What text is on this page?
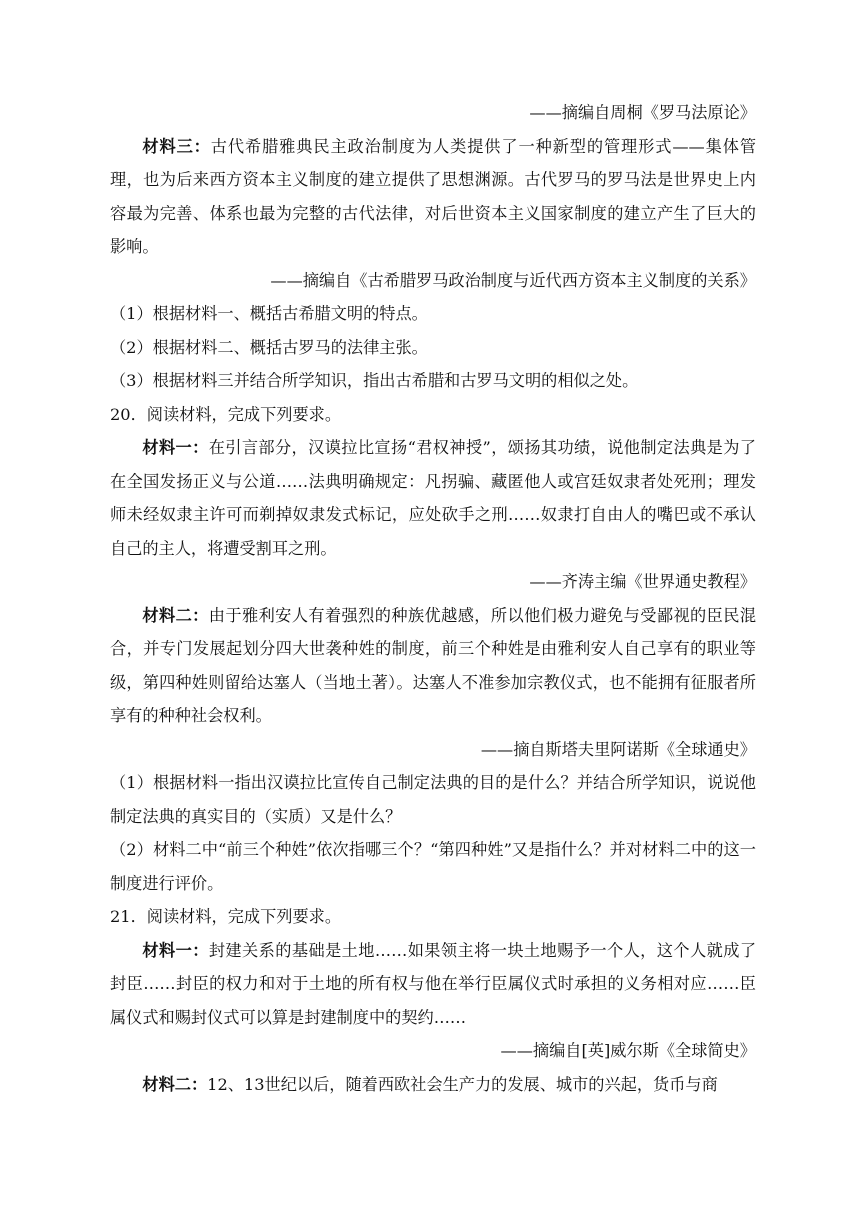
——摘编自周桐《罗马法原论》

材料三：古代希腊雅典民主政治制度为人类提供了一种新型的管理形式——集体管理，也为后来西方资本主义制度的建立提供了思想渊源。古代罗马的罗马法是世界史上内容最为完善、体系也最为完整的古代法律，对后世资本主义国家制度的建立产生了巨大的影响。

——摘编自《古希腊罗马政治制度与近代西方资本主义制度的关系》

（1）根据材料一、概括古希腊文明的特点。

（2）根据材料二、概括古罗马的法律主张。

（3）根据材料三并结合所学知识，指出古希腊和古罗马文明的相似之处。

20．阅读材料，完成下列要求。

材料一：在引言部分，汉谟拉比宣扬“君权神授”，颂扬其功绩，说他制定法典是为了在全国发扬正义与公道……法典明确规定：凡拐骗、藏匿他人或宫廷奴隶者处死刑；理发师未经奴隶主许可而剃掉奴隶发式标记，应处砍手之刑……奴隶打自由人的嘴巴或不承认自己的主人，将遭受割耳之刑。

——齐涛主编《世界通史教程》

材料二：由于雅利安人有着强烈的种族优越感，所以他们极力避免与受鄙视的臣民混合，并专门发展起划分四大世袭种姓的制度，前三个种姓是由雅利安人自己享有的职业等级，第四种姓则留给达塞人（当地土著）。达塞人不准参加宗教仪式，也不能拥有征服者所享有的种种社会权利。

——摘自斯塔夫里阿诺斯《全球通史》

（1）根据材料一指出汉谟拉比宣传自己制定法典的目的是什么？并结合所学知识，说说他制定法典的真实目的（实质）又是什么？

（2）材料二中“前三个种姓”依次指哪三个？“第四种姓”又是指什么？并对材料二中的这一制度进行评价。

21．阅读材料，完成下列要求。

材料一：封建关系的基础是土地……如果领主将一块土地赐予一个人，这个人就成了封臣……封臣的权力和对于土地的所有权与他在举行臣属仪式时承担的义务相对应……臣属仪式和赐封仪式可以算是封建制度中的契约……

——摘编自[英]威尔斯《全球简史》

材料二：12、13世纪以后，随着西欧社会生产力的发展、城市的兴起，货币与商
